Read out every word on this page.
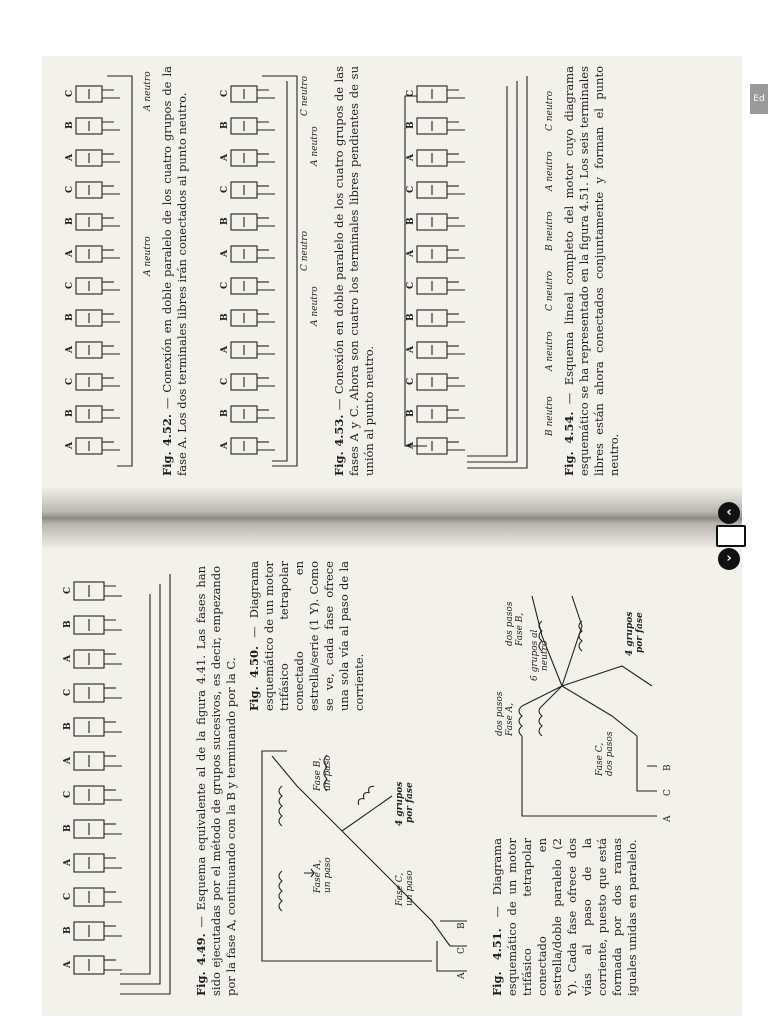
A
B
C
A
B
C
A
B
C
A
B
C

Fig. 4.49. — Esquema equivalente al de la figura 4.41. Las fases han sido ejecutadas por el método de grupos sucesivos, es decir, empezando por la fase A, continuando con la B y terminando por la C.	Fase A, un paso
Fase B, un paso
Fase C, un paso
4 grupos por fase
A
C
B

Fig. 4.50. — Diagrama esquemático de un motor trifásico tetrapolar conectado en estrella/serie (1 Y). Como se ve, cada fase ofrece una sola vía al paso de la corriente.

Fase A,
dos pasos
Fase B,
dos pasos
Fase C, dos pasos
6 grupos al neutro	4 grupos por fase
A
C
B

Fig. 4.51. — Diagrama esquemático de un motor trifásico tetrapolar conectado en estrella/doble paralelo (2 Y). Cada fase ofrece dos vías al paso de la corriente, puesto que está formada por dos ramas iguales unidas en paralelo.

A neutro
A neutro
A
B
C
A
B
C
A
B
C
A
B
C

Fig. 4.52. — Conexión en doble paralelo de los cuatro grupos de la fase A. Los dos terminales libres irán conectados al punto neutro.	A neutro
C neutro
A neutro
C neutro
A
B
C
A
B
C
A
B
C
A
B
C

Fig. 4.53. — Conexión en doble paralelo de los cuatro grupos de las fases A y C. Ahora son cuatro los terminales libres pendientes de su unión al punto neutro.	B neutro
A neutro
C neutro
B neutro
A neutro
C neutro
A
B
C
A
B
C
A
B
C
A
B
C

Fig. 4.54. — Esquema lineal completo del motor cuyo diagrama esquemático se ha representado en la figura 4.51. Los seis terminales libres están ahora conectados conjuntamente y forman el punto neutro.

‹
›
Ed
